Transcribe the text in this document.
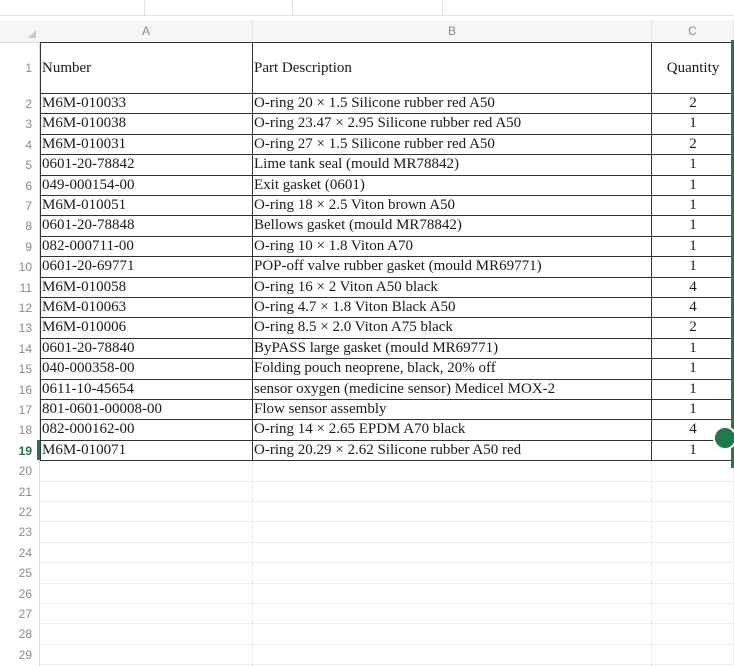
A	B	C
1
2
3
4
5
6
7
8
9
10
11
12
13
14
15
16
17
18
19
20
21
22
23
24
25
26
27
28
29
Number	Part Description	Quantity
M6M-010033	O-ring 20 × 1.5 Silicone rubber red A50	2
M6M-010038	O-ring 23.47 × 2.95 Silicone rubber red A50	1
M6M-010031	O-ring 27 × 1.5 Silicone rubber red A50	2
0601-20-78842	Lime tank seal (mould MR78842)	1
049-000154-00	Exit gasket (0601)	1
M6M-010051	O-ring 18 × 2.5 Viton brown A50	1
0601-20-78848	Bellows gasket (mould MR78842)	1
082-000711-00	O-ring 10 × 1.8 Viton A70	1
0601-20-69771	POP-off valve rubber gasket (mould MR69771)	1
M6M-010058	O-ring 16 × 2 Viton A50 black	4
M6M-010063	O-ring 4.7 × 1.8 Viton Black A50	4
M6M-010006	O-ring 8.5 × 2.0 Viton A75 black	2
0601-20-78840	ByPASS large gasket (mould MR69771)	1
040-000358-00	Folding pouch neoprene, black, 20% off	1
0611-10-45654	sensor oxygen (medicine sensor) Medicel MOX-2	1
801-0601-00008-00	Flow sensor assembly	1
082-000162-00	O-ring 14 × 2.65 EPDM A70 black	4
M6M-010071	O-ring 20.29 × 2.62 Silicone rubber A50 red	1
